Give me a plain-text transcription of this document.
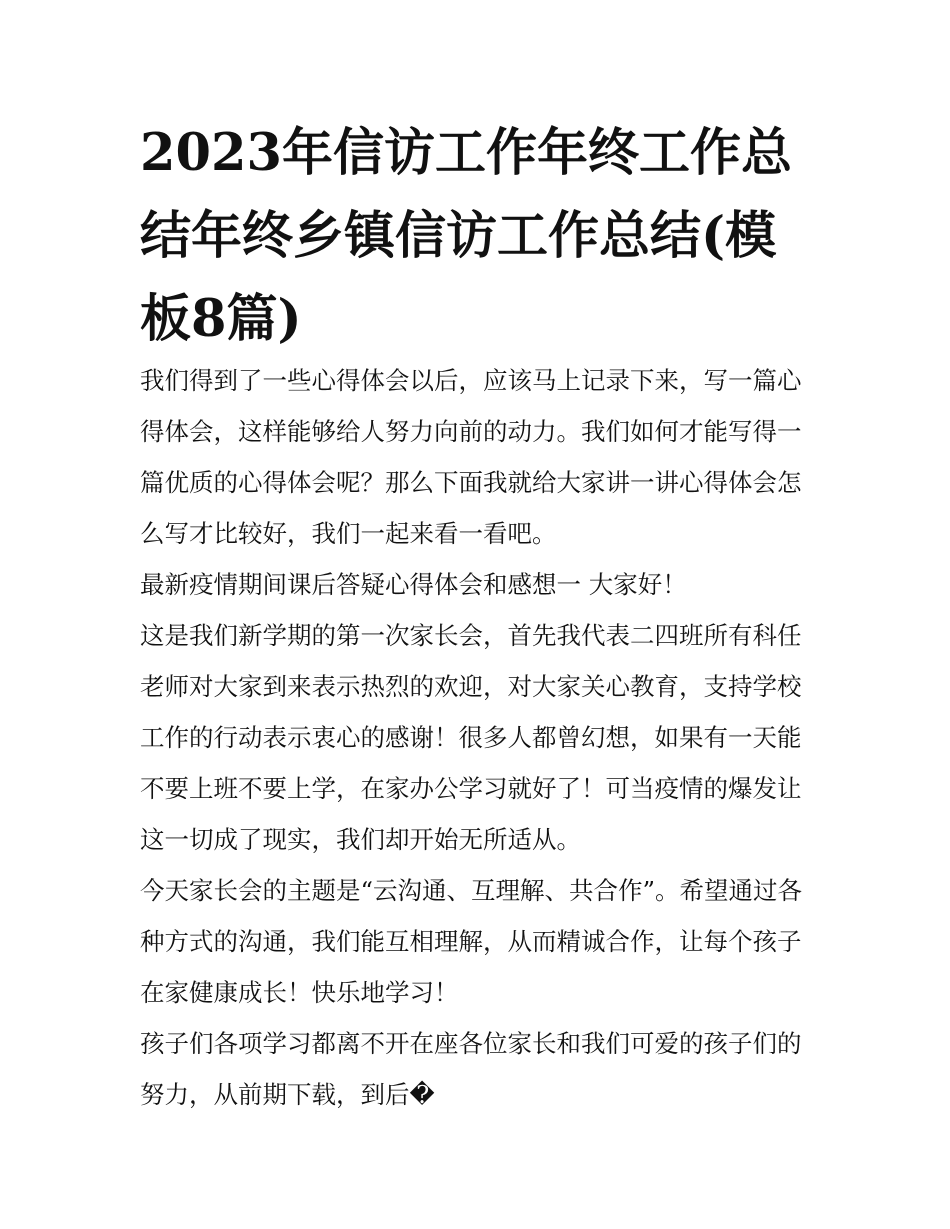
2023年信访工作年终工作总结年终乡镇信访工作总结(模板8篇)

我们得到了一些心得体会以后，应该马上记录下来，写一篇心得体会，这样能够给人努力向前的动力。我们如何才能写得一篇优质的心得体会呢？那么下面我就给大家讲一讲心得体会怎么写才比较好，我们一起来看一看吧。

最新疫情期间课后答疑心得体会和感想一 大家好！

这是我们新学期的第一次家长会，首先我代表二四班所有科任老师对大家到来表示热烈的欢迎，对大家关心教育，支持学校工作的行动表示衷心的感谢！很多人都曾幻想，如果有一天能不要上班不要上学，在家办公学习就好了！可当疫情的爆发让这一切成了现实，我们却开始无所适从。

今天家长会的主题是“云沟通、互理解、共合作”。希望通过各种方式的沟通，我们能互相理解，从而精诚合作，让每个孩子在家健康成长！快乐地学习！

孩子们各项学习都离不开在座各位家长和我们可爱的孩子们的努力，从前期下载，到后�
